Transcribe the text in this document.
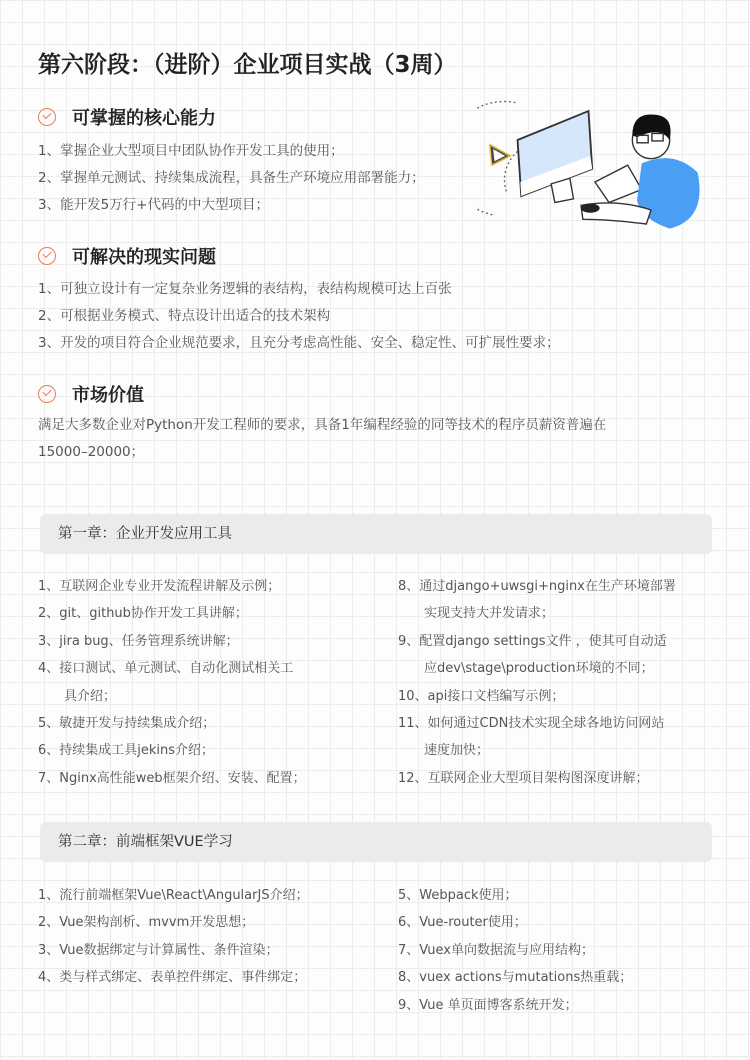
第六阶段：（进阶）企业项目实战（3周）
可掌握的核心能力
1、掌握企业大型项目中团队协作开发工具的使用；
2、掌握单元测试、持续集成流程，具备生产环境应用部署能力；
3、能开发5万行+代码的中大型项目；
可解决的现实问题
1、可独立设计有一定复杂业务逻辑的表结构，表结构规模可达上百张
2、可根据业务模式、特点设计出适合的技术架构
3、开发的项目符合企业规范要求，且充分考虑高性能、安全、稳定性、可扩展性要求；
市场价值
满足大多数企业对Python开发工程师的要求，具备1年编程经验的同等技术的程序员薪资普遍在
15000–20000；
第一章：企业开发应用工具
1、互联网企业专业开发流程讲解及示例；
2、git、github协作开发工具讲解；
3、jira bug、任务管理系统讲解；
4、接口测试、单元测试、自动化测试相关工
具介绍；
5、敏捷开发与持续集成介绍；
6、持续集成工具jekins介绍；
7、Nginx高性能web框架介绍、安装、配置；
8、通过django+uwsgi+nginx在生产环境部署
实现支持大并发请求；
9、配置django settings文件 ，使其可自动适
应dev\stage\production环境的不同；
10、api接口文档编写示例；
11、如何通过CDN技术实现全球各地访问网站
速度加快；
12、互联网企业大型项目架构图深度讲解；
第二章：前端框架VUE学习
1、流行前端框架Vue\React\AngularJS介绍；
2、Vue架构剖析、mvvm开发思想；
3、Vue数据绑定与计算属性、条件渲染；
4、类与样式绑定、表单控件绑定、事件绑定；
5、Webpack使用；
6、Vue-router使用；
7、Vuex单向数据流与应用结构；
8、vuex actions与mutations热重载；
9、Vue 单页面博客系统开发；
